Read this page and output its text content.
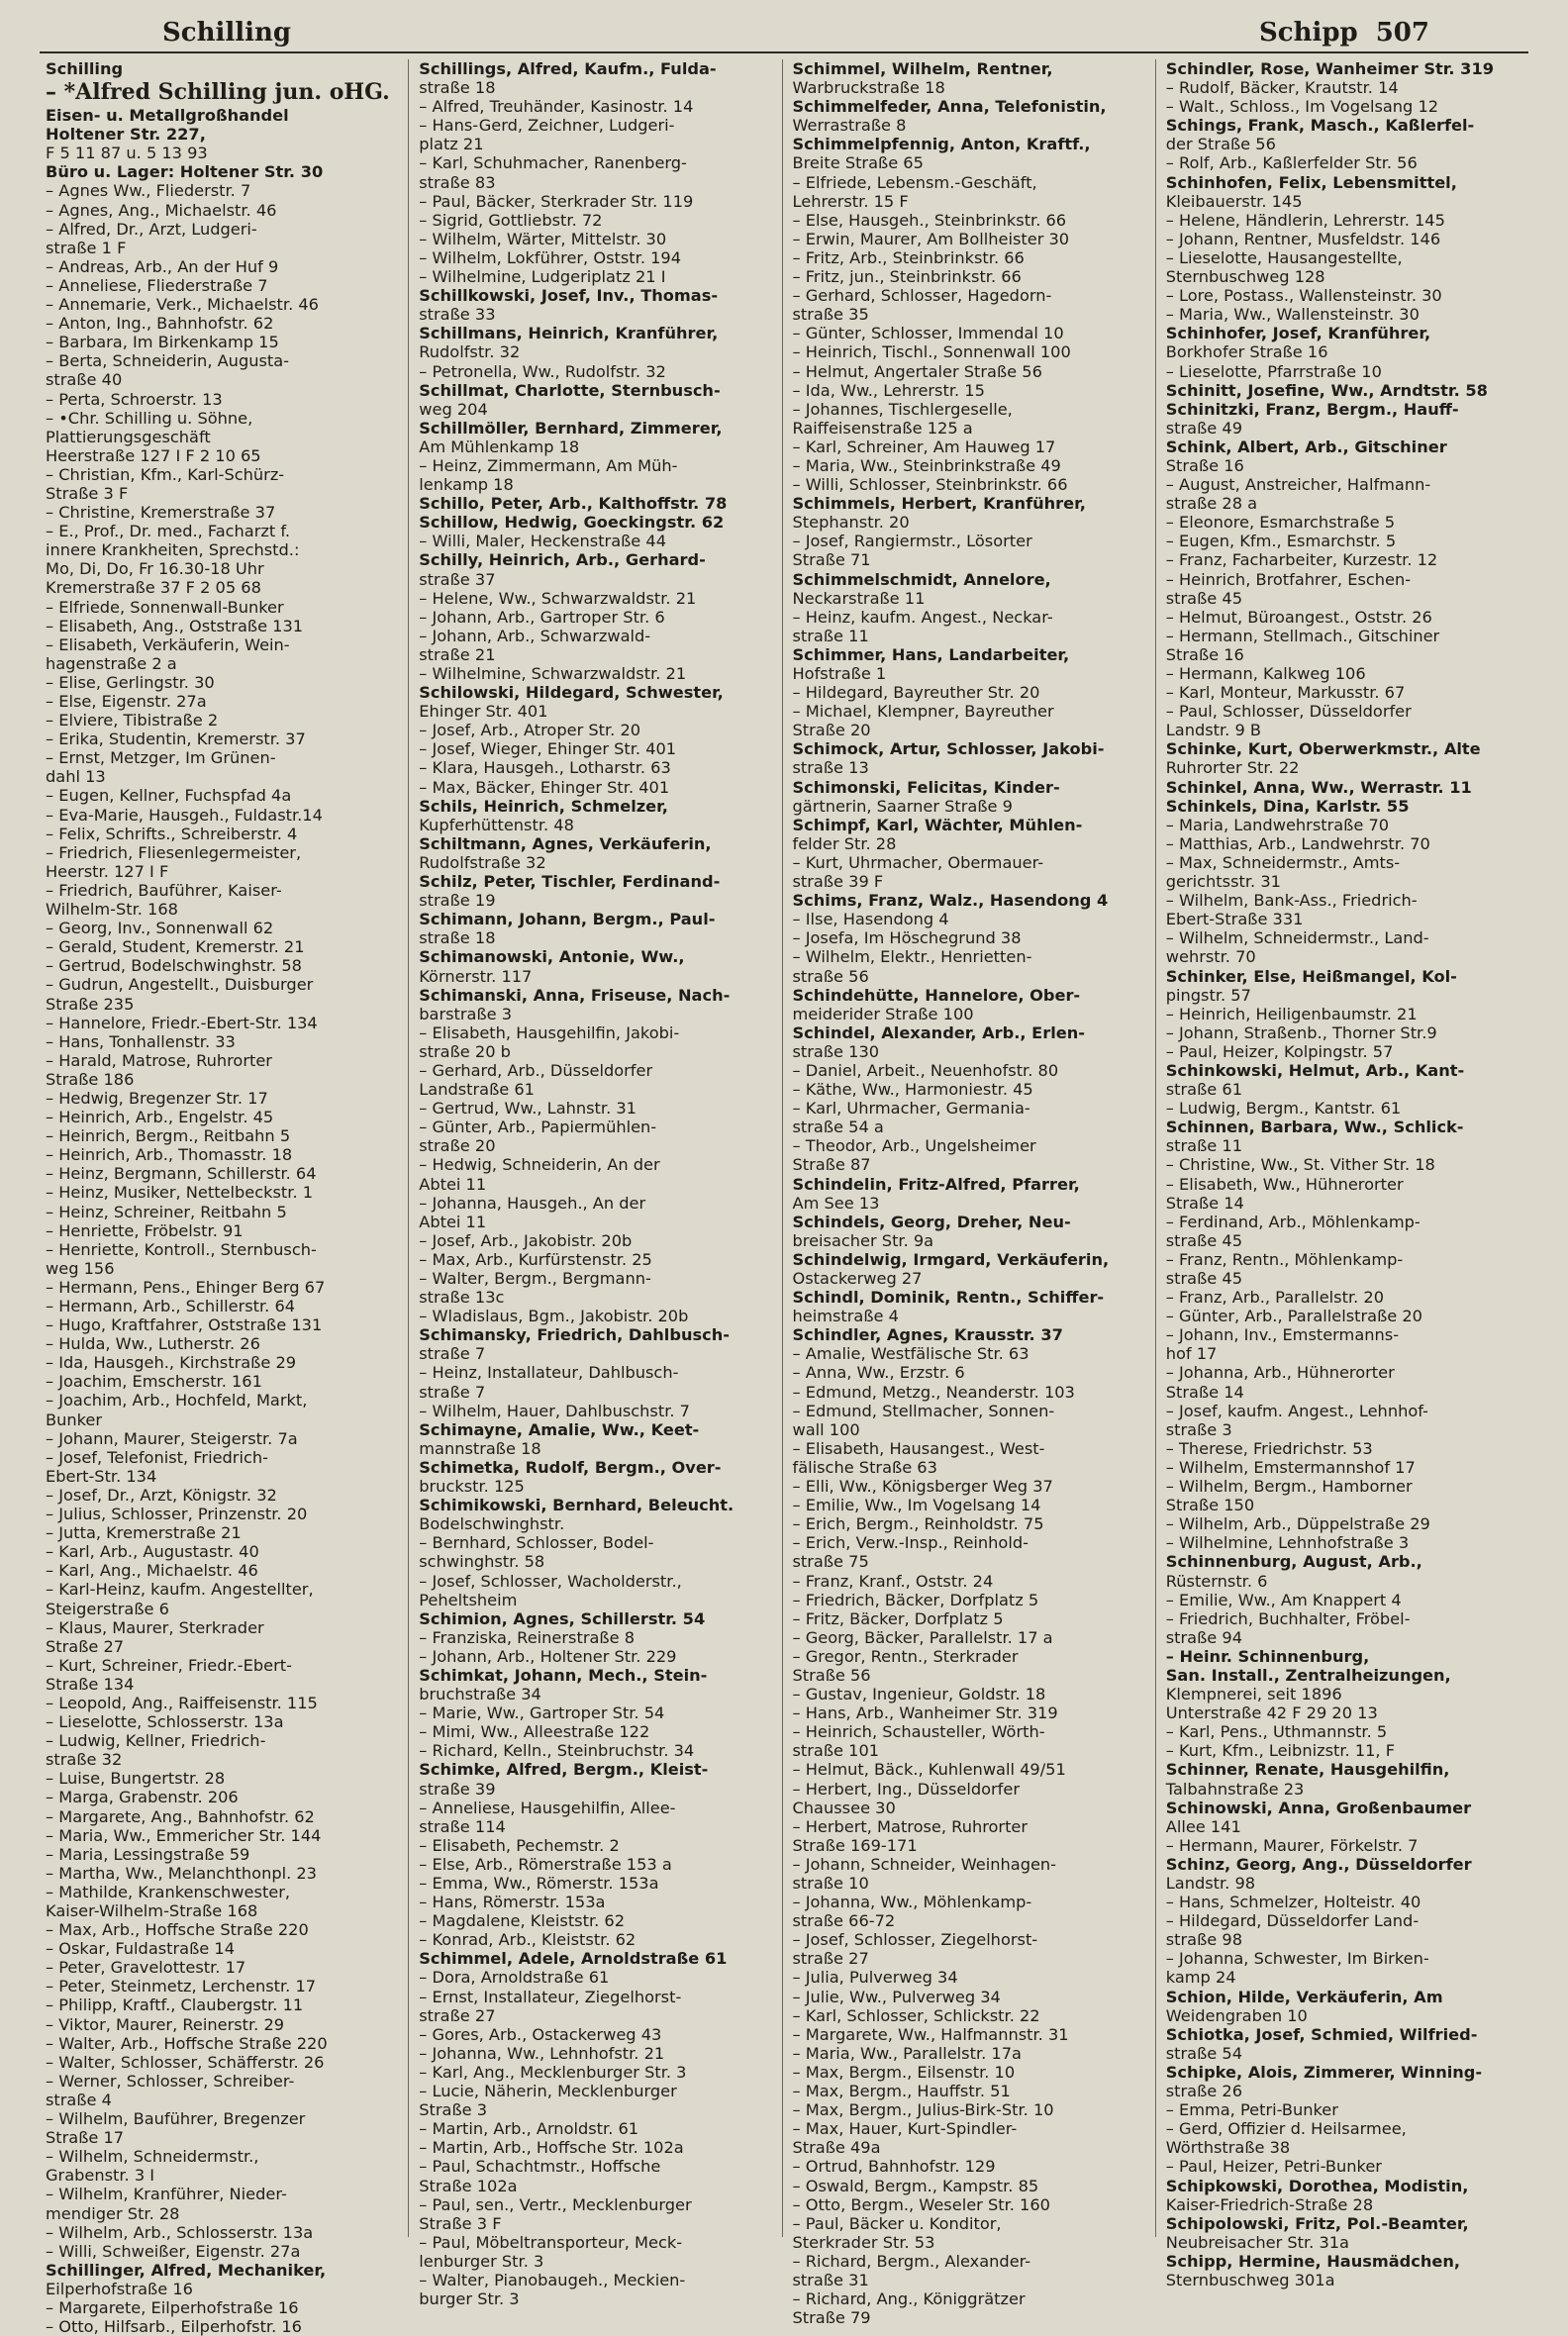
Schilling	Schipp 507
Schilling
– *Alfred Schilling jun. oHG.
Eisen- u. Metallgroßhandel
Holtener Str. 227,
F 5 11 87 u. 5 13 93
Büro u. Lager: Holtener Str. 30
– Agnes Ww., Fliederstr. 7
– Agnes, Ang., Michaelstr. 46
– Alfred, Dr., Arzt, Ludgeri-
straße 1 F
– Andreas, Arb., An der Huf 9
– Anneliese, Fliederstraße 7
– Annemarie, Verk., Michaelstr. 46
– Anton, Ing., Bahnhofstr. 62
– Barbara, Im Birkenkamp 15
– Berta, Schneiderin, Augusta-
straße 40
– Perta, Schroerstr. 13
– •Chr. Schilling u. Söhne,
Plattierungsgeschäft
Heerstraße 127 I F 2 10 65
– Christian, Kfm., Karl-Schürz-
Straße 3 F
– Christine, Kremerstraße 37
– E., Prof., Dr. med., Facharzt f.
innere Krankheiten, Sprechstd.:
Mo, Di, Do, Fr 16.30-18 Uhr
Kremerstraße 37 F 2 05 68
– Elfriede, Sonnenwall-Bunker
– Elisabeth, Ang., Oststraße 131
– Elisabeth, Verkäuferin, Wein-
hagenstraße 2 a
– Elise, Gerlingstr. 30
– Else, Eigenstr. 27a
– Elviere, Tibistraße 2
– Erika, Studentin, Kremerstr. 37
– Ernst, Metzger, Im Grünen-
dahl 13
– Eugen, Kellner, Fuchspfad 4a
– Eva-Marie, Hausgeh., Fuldastr.14
– Felix, Schrifts., Schreiberstr. 4
– Friedrich, Fliesenlegermeister,
Heerstr. 127 I F
– Friedrich, Bauführer, Kaiser-
Wilhelm-Str. 168
– Georg, Inv., Sonnenwall 62
– Gerald, Student, Kremerstr. 21
– Gertrud, Bodelschwinghstr. 58
– Gudrun, Angestellt., Duisburger
Straße 235
– Hannelore, Friedr.-Ebert-Str. 134
– Hans, Tonhallenstr. 33
– Harald, Matrose, Ruhrorter
Straße 186
– Hedwig, Bregenzer Str. 17
– Heinrich, Arb., Engelstr. 45
– Heinrich, Bergm., Reitbahn 5
– Heinrich, Arb., Thomasstr. 18
– Heinz, Bergmann, Schillerstr. 64
– Heinz, Musiker, Nettelbeckstr. 1
– Heinz, Schreiner, Reitbahn 5
– Henriette, Fröbelstr. 91
– Henriette, Kontroll., Sternbusch-
weg 156
– Hermann, Pens., Ehinger Berg 67
– Hermann, Arb., Schillerstr. 64
– Hugo, Kraftfahrer, Oststraße 131
– Hulda, Ww., Lutherstr. 26
– Ida, Hausgeh., Kirchstraße 29
– Joachim, Emscherstr. 161
– Joachim, Arb., Hochfeld, Markt,
Bunker
– Johann, Maurer, Steigerstr. 7a
– Josef, Telefonist, Friedrich-
Ebert-Str. 134
– Josef, Dr., Arzt, Königstr. 32
– Julius, Schlosser, Prinzenstr. 20
– Jutta, Kremerstraße 21
– Karl, Arb., Augustastr. 40
– Karl, Ang., Michaelstr. 46
– Karl-Heinz, kaufm. Angestellter,
Steigerstraße 6
– Klaus, Maurer, Sterkrader
Straße 27
– Kurt, Schreiner, Friedr.-Ebert-
Straße 134
– Leopold, Ang., Raiffeisenstr. 115
– Lieselotte, Schlosserstr. 13a
– Ludwig, Kellner, Friedrich-
straße 32
– Luise, Bungertstr. 28
– Marga, Grabenstr. 206
– Margarete, Ang., Bahnhofstr. 62
– Maria, Ww., Emmericher Str. 144
– Maria, Lessingstraße 59
– Martha, Ww., Melanchthonpl. 23
– Mathilde, Krankenschwester,
Kaiser-Wilhelm-Straße 168
– Max, Arb., Hoffsche Straße 220
– Oskar, Fuldastraße 14
– Peter, Gravelottestr. 17
– Peter, Steinmetz, Lerchenstr. 17
– Philipp, Kraftf., Claubergstr. 11
– Viktor, Maurer, Reinerstr. 29
– Walter, Arb., Hoffsche Straße 220
– Walter, Schlosser, Schäfferstr. 26
– Werner, Schlosser, Schreiber-
straße 4
– Wilhelm, Bauführer, Bregenzer
Straße 17
– Wilhelm, Schneidermstr.,
Grabenstr. 3 I
– Wilhelm, Kranführer, Nieder-
mendiger Str. 28
– Wilhelm, Arb., Schlosserstr. 13a
– Willi, Schweißer, Eigenstr. 27a
Schillinger, Alfred, Mechaniker,
Eilperhofstraße 16
– Margarete, Eilperhofstraße 16
– Otto, Hilfsarb., Eilperhofstr. 16
Schillings, Alfred, Kaufm., Fulda-
straße 18
– Alfred, Treuhänder, Kasinostr. 14
– Hans-Gerd, Zeichner, Ludgeri-
platz 21
– Karl, Schuhmacher, Ranenberg-
straße 83
– Paul, Bäcker, Sterkrader Str. 119
– Sigrid, Gottliebstr. 72
– Wilhelm, Wärter, Mittelstr. 30
– Wilhelm, Lokführer, Oststr. 194
– Wilhelmine, Ludgeriplatz 21 I
Schillkowski, Josef, Inv., Thomas-
straße 33
Schillmans, Heinrich, Kranführer,
Rudolfstr. 32
– Petronella, Ww., Rudolfstr. 32
Schillmat, Charlotte, Sternbusch-
weg 204
Schillmöller, Bernhard, Zimmerer,
Am Mühlenkamp 18
– Heinz, Zimmermann, Am Müh-
lenkamp 18
Schillo, Peter, Arb., Kalthoffstr. 78
Schillow, Hedwig, Goeckingstr. 62
– Willi, Maler, Heckenstraße 44
Schilly, Heinrich, Arb., Gerhard-
straße 37
– Helene, Ww., Schwarzwaldstr. 21
– Johann, Arb., Gartroper Str. 6
– Johann, Arb., Schwarzwald-
straße 21
– Wilhelmine, Schwarzwaldstr. 21
Schilowski, Hildegard, Schwester,
Ehinger Str. 401
– Josef, Arb., Atroper Str. 20
– Josef, Wieger, Ehinger Str. 401
– Klara, Hausgeh., Lotharstr. 63
– Max, Bäcker, Ehinger Str. 401
Schils, Heinrich, Schmelzer,
Kupferhüttenstr. 48
Schiltmann, Agnes, Verkäuferin,
Rudolfstraße 32
Schilz, Peter, Tischler, Ferdinand-
straße 19
Schimann, Johann, Bergm., Paul-
straße 18
Schimanowski, Antonie, Ww.,
Körnerstr. 117
Schimanski, Anna, Friseuse, Nach-
barstraße 3
– Elisabeth, Hausgehilfin, Jakobi-
straße 20 b
– Gerhard, Arb., Düsseldorfer
Landstraße 61
– Gertrud, Ww., Lahnstr. 31
– Günter, Arb., Papiermühlen-
straße 20
– Hedwig, Schneiderin, An der
Abtei 11
– Johanna, Hausgeh., An der
Abtei 11
– Josef, Arb., Jakobistr. 20b
– Max, Arb., Kurfürstenstr. 25
– Walter, Bergm., Bergmann-
straße 13c
– Wladislaus, Bgm., Jakobistr. 20b
Schimansky, Friedrich, Dahlbusch-
straße 7
– Heinz, Installateur, Dahlbusch-
straße 7
– Wilhelm, Hauer, Dahlbuschstr. 7
Schimayne, Amalie, Ww., Keet-
mannstraße 18
Schimetka, Rudolf, Bergm., Over-
bruckstr. 125
Schimikowski, Bernhard, Beleucht.
Bodelschwinghstr.
– Bernhard, Schlosser, Bodel-
schwinghstr. 58
– Josef, Schlosser, Wacholderstr.,
Peheltsheim
Schimion, Agnes, Schillerstr. 54
– Franziska, Reinerstraße 8
– Johann, Arb., Holtener Str. 229
Schimkat, Johann, Mech., Stein-
bruchstraße 34
– Marie, Ww., Gartroper Str. 54
– Mimi, Ww., Alleestraße 122
– Richard, Kelln., Steinbruchstr. 34
Schimke, Alfred, Bergm., Kleist-
straße 39
– Anneliese, Hausgehilfin, Allee-
straße 114
– Elisabeth, Pechemstr. 2
– Else, Arb., Römerstraße 153 a
– Emma, Ww., Römerstr. 153a
– Hans, Römerstr. 153a
– Magdalene, Kleiststr. 62
– Konrad, Arb., Kleiststr. 62
Schimmel, Adele, Arnoldstraße 61
– Dora, Arnoldstraße 61
– Ernst, Installateur, Ziegelhorst-
straße 27
– Gores, Arb., Ostackerweg 43
– Johanna, Ww., Lehnhofstr. 21
– Karl, Ang., Mecklenburger Str. 3
– Lucie, Näherin, Mecklenburger
Straße 3
– Martin, Arb., Arnoldstr. 61
– Martin, Arb., Hoffsche Str. 102a
– Paul, Schachtmstr., Hoffsche
Straße 102a
– Paul, sen., Vertr., Mecklenburger
Straße 3 F
– Paul, Möbeltransporteur, Meck-
lenburger Str. 3
– Walter, Pianobaugeh., Meckien-
burger Str. 3
Schimmel, Wilhelm, Rentner,
Warbruckstraße 18
Schimmelfeder, Anna, Telefonistin,
Werrastraße 8
Schimmelpfennig, Anton, Kraftf.,
Breite Straße 65
– Elfriede, Lebensm.-Geschäft,
Lehrerstr. 15 F
– Else, Hausgeh., Steinbrinkstr. 66
– Erwin, Maurer, Am Bollheister 30
– Fritz, Arb., Steinbrinkstr. 66
– Fritz, jun., Steinbrinkstr. 66
– Gerhard, Schlosser, Hagedorn-
straße 35
– Günter, Schlosser, Immendal 10
– Heinrich, Tischl., Sonnenwall 100
– Helmut, Angertaler Straße 56
– Ida, Ww., Lehrerstr. 15
– Johannes, Tischlergeselle,
Raiffeisenstraße 125 a
– Karl, Schreiner, Am Hauweg 17
– Maria, Ww., Steinbrinkstraße 49
– Willi, Schlosser, Steinbrinkstr. 66
Schimmels, Herbert, Kranführer,
Stephanstr. 20
– Josef, Rangiermstr., Lösorter
Straße 71
Schimmelschmidt, Annelore,
Neckarstraße 11
– Heinz, kaufm. Angest., Neckar-
straße 11
Schimmer, Hans, Landarbeiter,
Hofstraße 1
– Hildegard, Bayreuther Str. 20
– Michael, Klempner, Bayreuther
Straße 20
Schimock, Artur, Schlosser, Jakobi-
straße 13
Schimonski, Felicitas, Kinder-
gärtnerin, Saarner Straße 9
Schimpf, Karl, Wächter, Mühlen-
felder Str. 28
– Kurt, Uhrmacher, Obermauer-
straße 39 F
Schims, Franz, Walz., Hasendong 4
– Ilse, Hasendong 4
– Josefa, Im Höschegrund 38
– Wilhelm, Elektr., Henrietten-
straße 56
Schindehütte, Hannelore, Ober-
meiderider Straße 100
Schindel, Alexander, Arb., Erlen-
straße 130
– Daniel, Arbeit., Neuenhofstr. 80
– Käthe, Ww., Harmoniestr. 45
– Karl, Uhrmacher, Germania-
straße 54 a
– Theodor, Arb., Ungelsheimer
Straße 87
Schindelin, Fritz-Alfred, Pfarrer,
Am See 13
Schindels, Georg, Dreher, Neu-
breisacher Str. 9a
Schindelwig, Irmgard, Verkäuferin,
Ostackerweg 27
Schindl, Dominik, Rentn., Schiffer-
heimstraße 4
Schindler, Agnes, Krausstr. 37
– Amalie, Westfälische Str. 63
– Anna, Ww., Erzstr. 6
– Edmund, Metzg., Neanderstr. 103
– Edmund, Stellmacher, Sonnen-
wall 100
– Elisabeth, Hausangest., West-
fälische Straße 63
– Elli, Ww., Königsberger Weg 37
– Emilie, Ww., Im Vogelsang 14
– Erich, Bergm., Reinholdstr. 75
– Erich, Verw.-Insp., Reinhold-
straße 75
– Franz, Kranf., Oststr. 24
– Friedrich, Bäcker, Dorfplatz 5
– Fritz, Bäcker, Dorfplatz 5
– Georg, Bäcker, Parallelstr. 17 a
– Gregor, Rentn., Sterkrader
Straße 56
– Gustav, Ingenieur, Goldstr. 18
– Hans, Arb., Wanheimer Str. 319
– Heinrich, Schausteller, Wörth-
straße 101
– Helmut, Bäck., Kuhlenwall 49/51
– Herbert, Ing., Düsseldorfer
Chaussee 30
– Herbert, Matrose, Ruhrorter
Straße 169-171
– Johann, Schneider, Weinhagen-
straße 10
– Johanna, Ww., Möhlenkamp-
straße 66-72
– Josef, Schlosser, Ziegelhorst-
straße 27
– Julia, Pulverweg 34
– Julie, Ww., Pulverweg 34
– Karl, Schlosser, Schlickstr. 22
– Margarete, Ww., Halfmannstr. 31
– Maria, Ww., Parallelstr. 17a
– Max, Bergm., Eilsenstr. 10
– Max, Bergm., Hauffstr. 51
– Max, Bergm., Julius-Birk-Str. 10
– Max, Hauer, Kurt-Spindler-
Straße 49a
– Ortrud, Bahnhofstr. 129
– Oswald, Bergm., Kampstr. 85
– Otto, Bergm., Weseler Str. 160
– Paul, Bäcker u. Konditor,
Sterkrader Str. 53
– Richard, Bergm., Alexander-
straße 31
– Richard, Ang., Königgrätzer
Straße 79
Schindler, Rose, Wanheimer Str. 319
– Rudolf, Bäcker, Krautstr. 14
– Walt., Schloss., Im Vogelsang 12
Schings, Frank, Masch., Kaßlerfel-
der Straße 56
– Rolf, Arb., Kaßlerfelder Str. 56
Schinhofen, Felix, Lebensmittel,
Kleibauerstr. 145
– Helene, Händlerin, Lehrerstr. 145
– Johann, Rentner, Musfeldstr. 146
– Lieselotte, Hausangestellte,
Sternbuschweg 128
– Lore, Postass., Wallensteinstr. 30
– Maria, Ww., Wallensteinstr. 30
Schinhofer, Josef, Kranführer,
Borkhofer Straße 16
– Lieselotte, Pfarrstraße 10
Schinitt, Josefine, Ww., Arndtstr. 58
Schinitzki, Franz, Bergm., Hauff-
straße 49
Schink, Albert, Arb., Gitschiner
Straße 16
– August, Anstreicher, Halfmann-
straße 28 a
– Eleonore, Esmarchstraße 5
– Eugen, Kfm., Esmarchstr. 5
– Franz, Facharbeiter, Kurzestr. 12
– Heinrich, Brotfahrer, Eschen-
straße 45
– Helmut, Büroangest., Oststr. 26
– Hermann, Stellmach., Gitschiner
Straße 16
– Hermann, Kalkweg 106
– Karl, Monteur, Markusstr. 67
– Paul, Schlosser, Düsseldorfer
Landstr. 9 B
Schinke, Kurt, Oberwerkmstr., Alte
Ruhrorter Str. 22
Schinkel, Anna, Ww., Werrastr. 11
Schinkels, Dina, Karlstr. 55
– Maria, Landwehrstraße 70
– Matthias, Arb., Landwehrstr. 70
– Max, Schneidermstr., Amts-
gerichtsstr. 31
– Wilhelm, Bank-Ass., Friedrich-
Ebert-Straße 331
– Wilhelm, Schneidermstr., Land-
wehrstr. 70
Schinker, Else, Heißmangel, Kol-
pingstr. 57
– Heinrich, Heiligenbaumstr. 21
– Johann, Straßenb., Thorner Str.9
– Paul, Heizer, Kolpingstr. 57
Schinkowski, Helmut, Arb., Kant-
straße 61
– Ludwig, Bergm., Kantstr. 61
Schinnen, Barbara, Ww., Schlick-
straße 11
– Christine, Ww., St. Vither Str. 18
– Elisabeth, Ww., Hühnerorter
Straße 14
– Ferdinand, Arb., Möhlenkamp-
straße 45
– Franz, Rentn., Möhlenkamp-
straße 45
– Franz, Arb., Parallelstr. 20
– Günter, Arb., Parallelstraße 20
– Johann, Inv., Emstermanns-
hof 17
– Johanna, Arb., Hühnerorter
Straße 14
– Josef, kaufm. Angest., Lehnhof-
straße 3
– Therese, Friedrichstr. 53
– Wilhelm, Emstermannshof 17
– Wilhelm, Bergm., Hamborner
Straße 150
– Wilhelm, Arb., Düppelstraße 29
– Wilhelmine, Lehnhofstraße 3
Schinnenburg, August, Arb.,
Rüsternstr. 6
– Emilie, Ww., Am Knappert 4
– Friedrich, Buchhalter, Fröbel-
straße 94
– Heinr. Schinnenburg,
San. Install., Zentralheizungen,
Klempnerei, seit 1896
Unterstraße 42 F 29 20 13
– Karl, Pens., Uthmannstr. 5
– Kurt, Kfm., Leibnizstr. 11, F
Schinner, Renate, Hausgehilfin,
Talbahnstraße 23
Schinowski, Anna, Großenbaumer
Allee 141
– Hermann, Maurer, Förkelstr. 7
Schinz, Georg, Ang., Düsseldorfer
Landstr. 98
– Hans, Schmelzer, Holteistr. 40
– Hildegard, Düsseldorfer Land-
straße 98
– Johanna, Schwester, Im Birken-
kamp 24
Schion, Hilde, Verkäuferin, Am
Weidengraben 10
Schiotka, Josef, Schmied, Wilfried-
straße 54
Schipke, Alois, Zimmerer, Winning-
straße 26
– Emma, Petri-Bunker
– Gerd, Offizier d. Heilsarmee,
Wörthstraße 38
– Paul, Heizer, Petri-Bunker
Schipkowski, Dorothea, Modistin,
Kaiser-Friedrich-Straße 28
Schipolowski, Fritz, Pol.-Beamter,
Neubreisacher Str. 31a
Schipp, Hermine, Hausmädchen,
Sternbuschweg 301a
